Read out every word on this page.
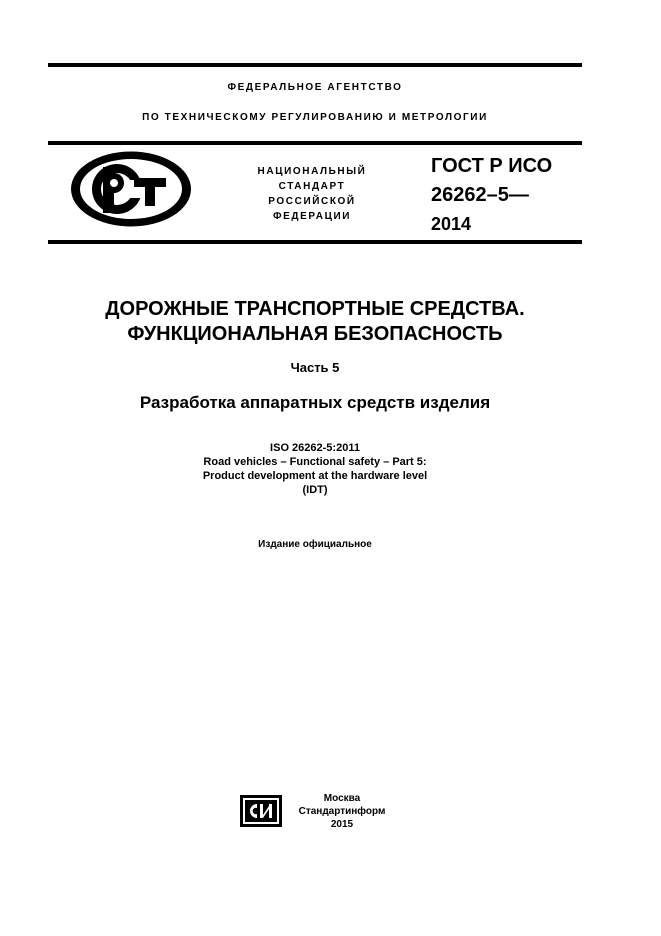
ФЕДЕРАЛЬНОЕ АГЕНТСТВО
ПО ТЕХНИЧЕСКОМУ РЕГУЛИРОВАНИЮ И МЕТРОЛОГИИ
НАЦИОНАЛЬНЫЙ
СТАНДАРТ
РОССИЙСКОЙ
ФЕДЕРАЦИИ
ГОСТ Р ИСО
26262–5—
2014
ДОРОЖНЫЕ ТРАНСПОРТНЫЕ СРЕДСТВА.
ФУНКЦИОНАЛЬНАЯ БЕЗОПАСНОСТЬ
Часть 5
Разработка аппаратных средств изделия
ISO 26262-5:2011
Road vehicles – Functional safety – Part 5:
Product development at the hardware level
(IDT)
Издание официальное
Москва
Стандартинформ
2015
